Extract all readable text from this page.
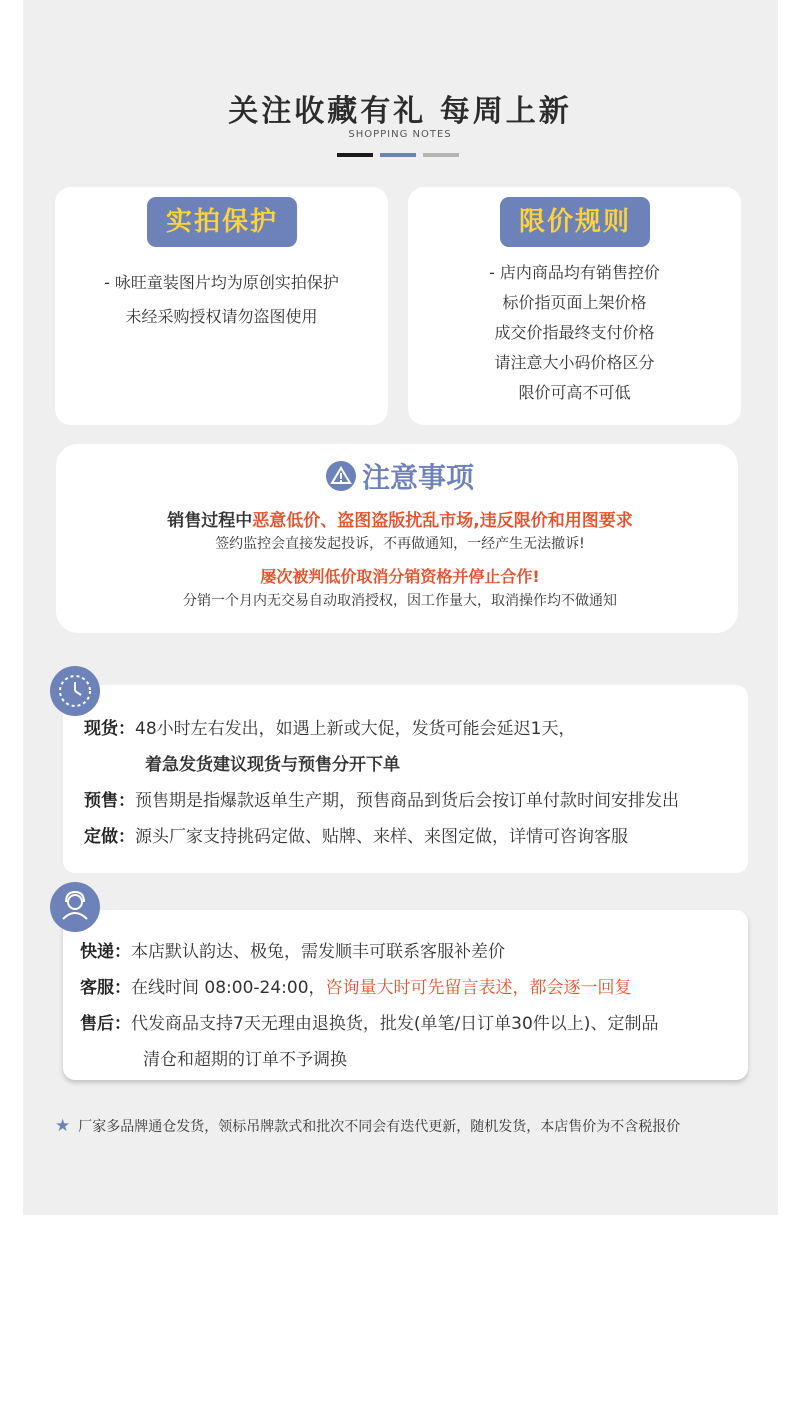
关注收藏有礼 每周上新
SHOPPING NOTES
实拍保护
- 咏旺童装图片均为原创实拍保护
未经采购授权请勿盗图使用
限价规则
- 店内商品均有销售控价
标价指页面上架价格
成交价指最终支付价格
请注意大小码价格区分
限价可高不可低
注意事项
销售过程中恶意低价、盗图盗版扰乱市场,违反限价和用图要求
签约监控会直接发起投诉，不再做通知，一经产生无法撤诉!
屡次被判低价取消分销资格并停止合作!
分销一个月内无交易自动取消授权，因工作量大，取消操作均不做通知
现货：48小时左右发出，如遇上新或大促，发货可能会延迟1天，
着急发货建议现货与预售分开下单
预售：预售期是指爆款返单生产期，预售商品到货后会按订单付款时间安排发出
定做：源头厂家支持挑码定做、贴牌、来样、来图定做，详情可咨询客服
快递：本店默认韵达、极兔，需发顺丰可联系客服补差价
客服：在线时间 08:00-24:00，咨询量大时可先留言表述，都会逐一回复
售后：代发商品支持7天无理由退换货，批发(单笔/日订单30件以上)、定制品
清仓和超期的订单不予调换
★ 厂家多品牌通仓发货，领标吊牌款式和批次不同会有迭代更新，随机发货，本店售价为不含税报价
